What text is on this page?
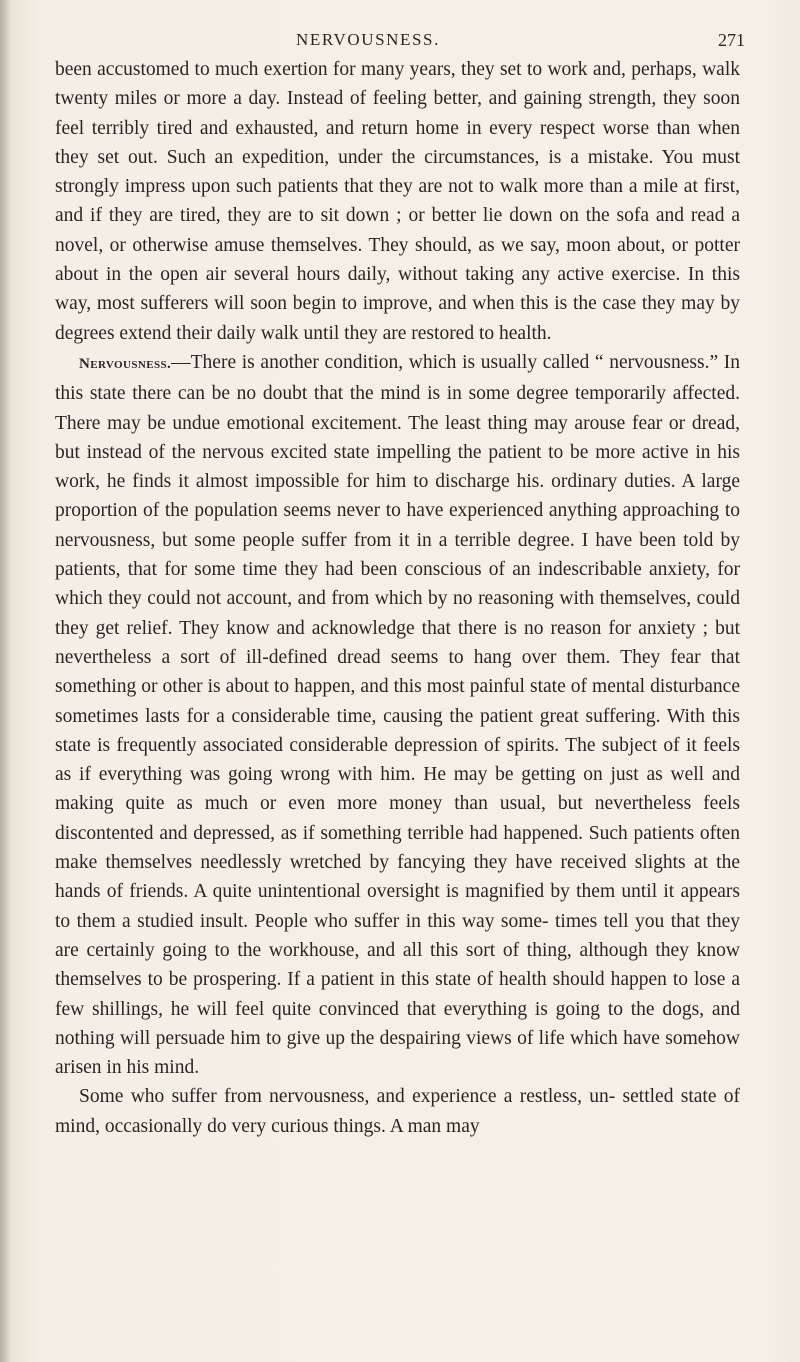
NERVOUSNESS.	271

been accustomed to much exertion for many years, they set to work and, perhaps, walk twenty miles or more a day. Instead of feeling better, and gaining strength, they soon feel terribly tired and exhausted, and return home in every respect worse than when they set out. Such an expedition, under the circumstances, is a mistake. You must strongly impress upon such patients that they are not to walk more than a mile at first, and if they are tired, they are to sit down ; or better lie down on the sofa and read a novel, or otherwise amuse themselves. They should, as we say, moon about, or potter about in the open air several hours daily, without taking any active exercise. In this way, most sufferers will soon begin to improve, and when this is the case they may by degrees extend their daily walk until they are restored to health.

Nervousness.—There is another condition, which is usually called “ nervousness.” In this state there can be no doubt that the mind is in some degree temporarily affected. There may be undue emotional excitement. The least thing may arouse fear or dread, but instead of the nervous excited state impelling the patient to be more active in his work, he finds it almost impossible for him to discharge his. ordinary duties. A large proportion of the population seems never to have experienced anything approaching to nervousness, but some people suffer from it in a terrible degree. I have been told by patients, that for some time they had been conscious of an indescribable anxiety, for which they could not account, and from which by no reasoning with themselves, could they get relief. They know and acknowledge that there is no reason for anxiety ; but nevertheless a sort of ill-defined dread seems to hang over them. They fear that something or other is about to happen, and this most painful state of mental disturbance sometimes lasts for a considerable time, causing the patient great suffering. With this state is frequently associated considerable depression of spirits. The subject of it feels as if everything was going wrong with him. He may be getting on just as well and making quite as much or even more money than usual, but nevertheless feels discontented and depressed, as if something terrible had happened. Such patients often make themselves needlessly wretched by fancying they have received slights at the hands of friends. A quite unintentional oversight is magnified by them until it appears to them a studied insult. People who suffer in this way some- times tell you that they are certainly going to the workhouse, and all this sort of thing, although they know themselves to be prospering. If a patient in this state of health should happen to lose a few shillings, he will feel quite convinced that everything is going to the dogs, and nothing will persuade him to give up the despairing views of life which have somehow arisen in his mind.

Some who suffer from nervousness, and experience a restless, un- settled state of mind, occasionally do very curious things. A man may
